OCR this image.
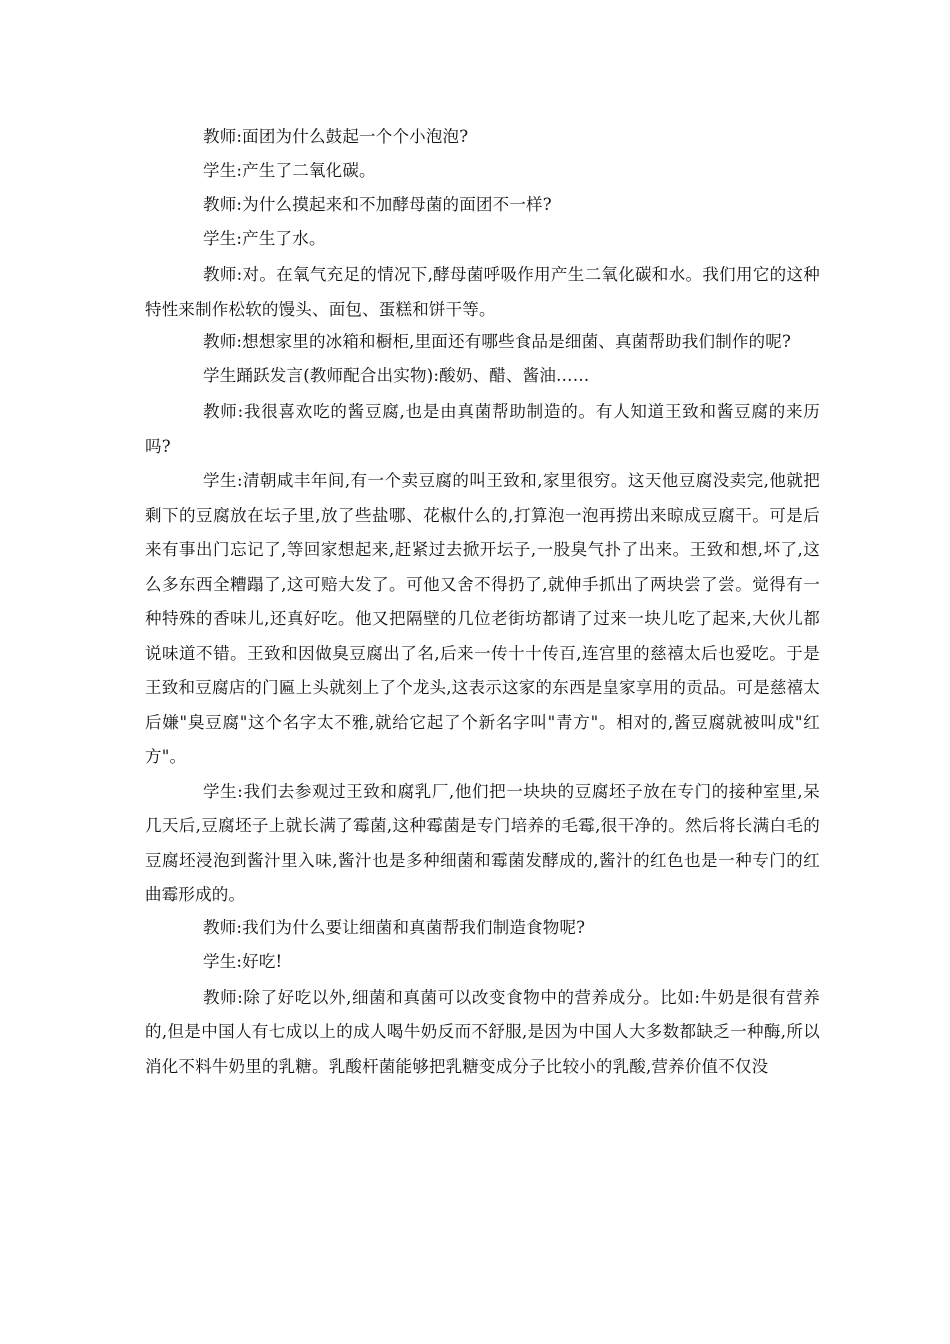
教师:面团为什么鼓起一个个小泡泡?

学生:产生了二氧化碳。

教师:为什么摸起来和不加酵母菌的面团不一样?

学生:产生了水。

教师:对。在氧气充足的情况下,酵母菌呼吸作用产生二氧化碳和水。我们用它的这种特性来制作松软的馒头、面包、蛋糕和饼干等。

教师:想想家里的冰箱和橱柜,里面还有哪些食品是细菌、真菌帮助我们制作的呢?

学生踊跃发言(教师配合出实物):酸奶、醋、酱油……

教师:我很喜欢吃的酱豆腐,也是由真菌帮助制造的。有人知道王致和酱豆腐的来历吗?

学生:清朝咸丰年间,有一个卖豆腐的叫王致和,家里很穷。这天他豆腐没卖完,他就把剩下的豆腐放在坛子里,放了些盐哪、花椒什么的,打算泡一泡再捞出来晾成豆腐干。可是后来有事出门忘记了,等回家想起来,赶紧过去掀开坛子,一股臭气扑了出来。王致和想,坏了,这么多东西全糟蹋了,这可赔大发了。可他又舍不得扔了,就伸手抓出了两块尝了尝。觉得有一种特殊的香味儿,还真好吃。他又把隔壁的几位老街坊都请了过来一块儿吃了起来,大伙儿都说味道不错。王致和因做臭豆腐出了名,后来一传十十传百,连宫里的慈禧太后也爱吃。于是王致和豆腐店的门匾上头就刻上了个龙头,这表示这家的东西是皇家享用的贡品。可是慈禧太后嫌"臭豆腐"这个名字太不雅,就给它起了个新名字叫"青方"。相对的,酱豆腐就被叫成"红方"。

学生:我们去参观过王致和腐乳厂,他们把一块块的豆腐坯子放在专门的接种室里,呆几天后,豆腐坯子上就长满了霉菌,这种霉菌是专门培养的毛霉,很干净的。然后将长满白毛的豆腐坯浸泡到酱汁里入味,酱汁也是多种细菌和霉菌发酵成的,酱汁的红色也是一种专门的红曲霉形成的。

教师:我们为什么要让细菌和真菌帮我们制造食物呢?

学生:好吃!

教师:除了好吃以外,细菌和真菌可以改变食物中的营养成分。比如:牛奶是很有营养的,但是中国人有七成以上的成人喝牛奶反而不舒服,是因为中国人大多数都缺乏一种酶,所以消化不料牛奶里的乳糖。乳酸杆菌能够把乳糖变成分子比较小的乳酸,营养价值不仅没
